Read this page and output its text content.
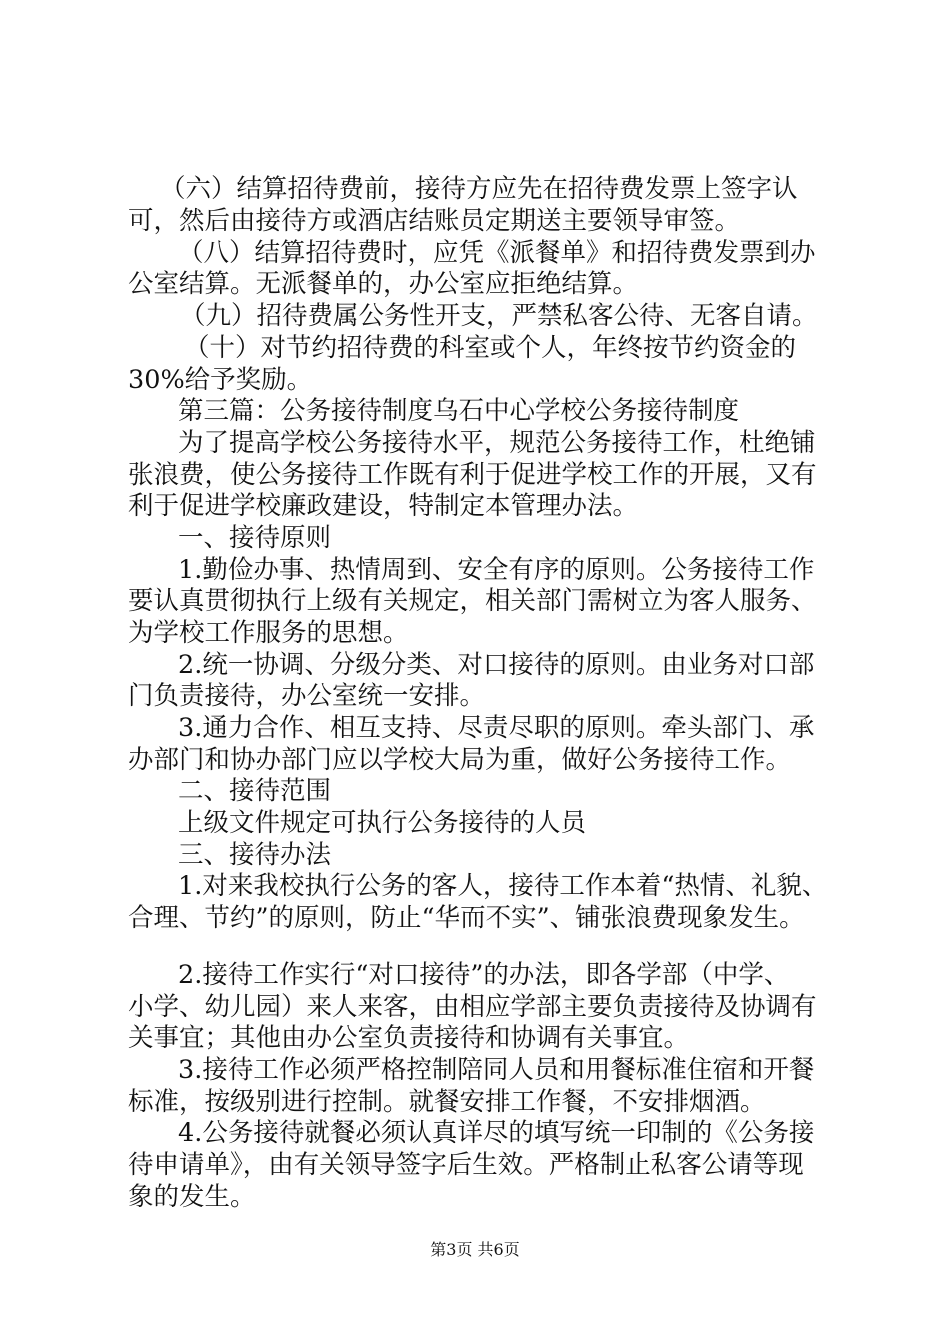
（六）结算招待费前，接待方应先在招待费发票上签字认
可，然后由接待方或酒店结账员定期送主要领导审签。
（八）结算招待费时，应凭《派餐单》和招待费发票到办
公室结算。无派餐单的，办公室应拒绝结算。
（九）招待费属公务性开支，严禁私客公待、无客自请。
（十）对节约招待费的科室或个人，年终按节约资金的
30%给予奖励。
第三篇：公务接待制度乌石中心学校公务接待制度
为了提高学校公务接待水平，规范公务接待工作，杜绝铺
张浪费，使公务接待工作既有利于促进学校工作的开展，又有
利于促进学校廉政建设，特制定本管理办法。
一、接待原则
1.勤俭办事、热情周到、安全有序的原则。公务接待工作
要认真贯彻执行上级有关规定，相关部门需树立为客人服务、
为学校工作服务的思想。
2.统一协调、分级分类、对口接待的原则。由业务对口部
门负责接待，办公室统一安排。
3.通力合作、相互支持、尽责尽职的原则。牵头部门、承
办部门和协办部门应以学校大局为重，做好公务接待工作。
二、接待范围
上级文件规定可执行公务接待的人员
三、接待办法
1.对来我校执行公务的客人，接待工作本着“热情、礼貌、
合理、节约”的原则，防止“华而不实”、铺张浪费现象发生。
2.接待工作实行“对口接待”的办法，即各学部（中学、
小学、幼儿园）来人来客，由相应学部主要负责接待及协调有
关事宜；其他由办公室负责接待和协调有关事宜。
3.接待工作必须严格控制陪同人员和用餐标准住宿和开餐
标准，按级别进行控制。就餐安排工作餐，不安排烟酒。
4.公务接待就餐必须认真详尽的填写统一印制的《公务接
待申请单》，由有关领导签字后生效。严格制止私客公请等现
象的发生。
第3页 共6页
